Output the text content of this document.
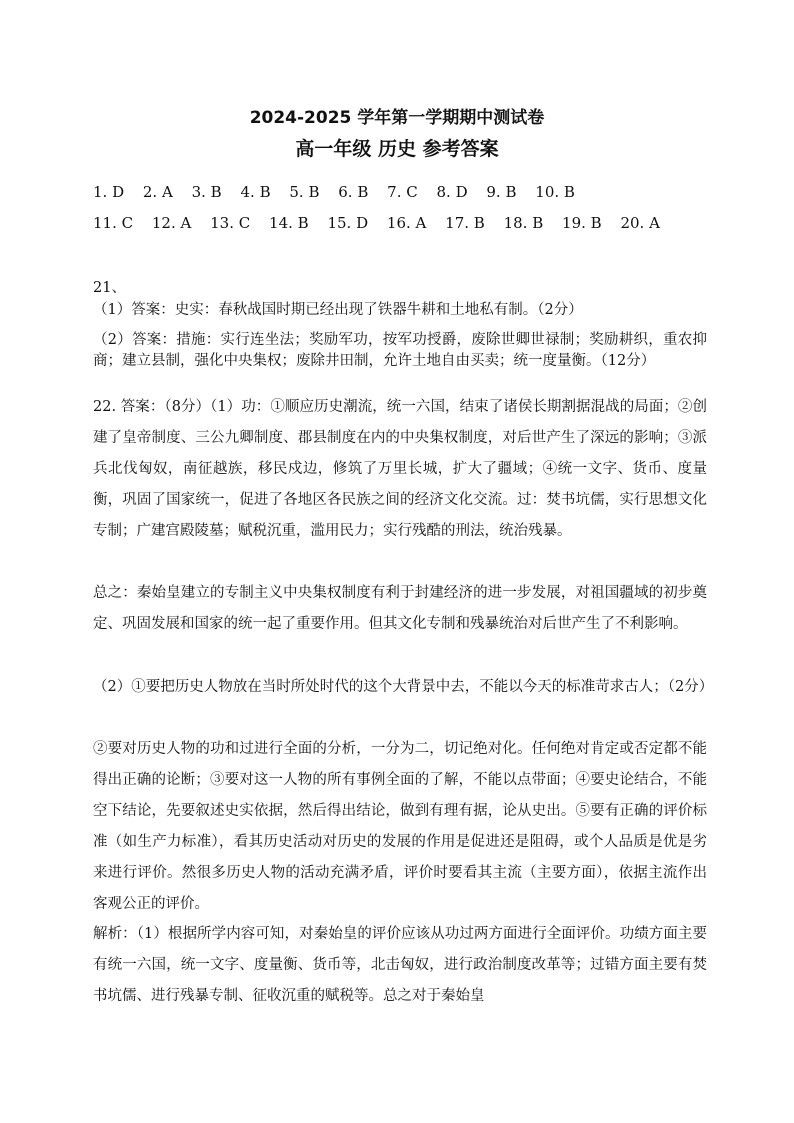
2024-2025 学年第一学期期中测试卷
高一年级 历史 参考答案
1. D 2. A 3. B 4. B 5. B 6. B 7. C 8. D 9. B 10. B
11. C 12. A 13. C 14. B 15. D 16. A 17. B 18. B 19. B 20. A
21、
（1）答案：史实：春秋战国时期已经出现了铁器牛耕和土地私有制。（2分）
（2）答案：措施：实行连坐法；奖励军功，按军功授爵，废除世卿世禄制；奖励耕织，重农抑商；建立县制，强化中央集权；废除井田制，允许土地自由买卖；统一度量衡。（12分）
22. 答案：（8分）（1）功：①顺应历史潮流，统一六国，结束了诸侯长期割据混战的局面；②创建了皇帝制度、三公九卿制度、郡县制度在内的中央集权制度，对后世产生了深远的影响；③派兵北伐匈奴，南征越族，移民戍边，修筑了万里长城，扩大了疆域；④统一文字、货币、度量衡，巩固了国家统一，促进了各地区各民族之间的经济文化交流。过：焚书坑儒，实行思想文化专制；广建宫殿陵墓；赋税沉重，滥用民力；实行残酷的刑法，统治残暴。
总之：秦始皇建立的专制主义中央集权制度有利于封建经济的进一步发展，对祖国疆域的初步奠定、巩固发展和国家的统一起了重要作用。但其文化专制和残暴统治对后世产生了不利影响。
（2）①要把历史人物放在当时所处时代的这个大背景中去，不能以今天的标准苛求古人；（2分）
②要对历史人物的功和过进行全面的分析，一分为二，切记绝对化。任何绝对肯定或否定都不能得出正确的论断；③要对这一人物的所有事例全面的了解，不能以点带面；④要史论结合，不能空下结论，先要叙述史实依据，然后得出结论，做到有理有据，论从史出。⑤要有正确的评价标准（如生产力标准），看其历史活动对历史的发展的作用是促进还是阻碍，或个人品质是优是劣来进行评价。然很多历史人物的活动充满矛盾，评价时要看其主流（主要方面），依据主流作出客观公正的评价。
解析：（1）根据所学内容可知，对秦始皇的评价应该从功过两方面进行全面评价。功绩方面主要有统一六国，统一文字、度量衡、货币等，北击匈奴，进行政治制度改革等；过错方面主要有焚书坑儒、进行残暴专制、征收沉重的赋税等。总之对于秦始皇
